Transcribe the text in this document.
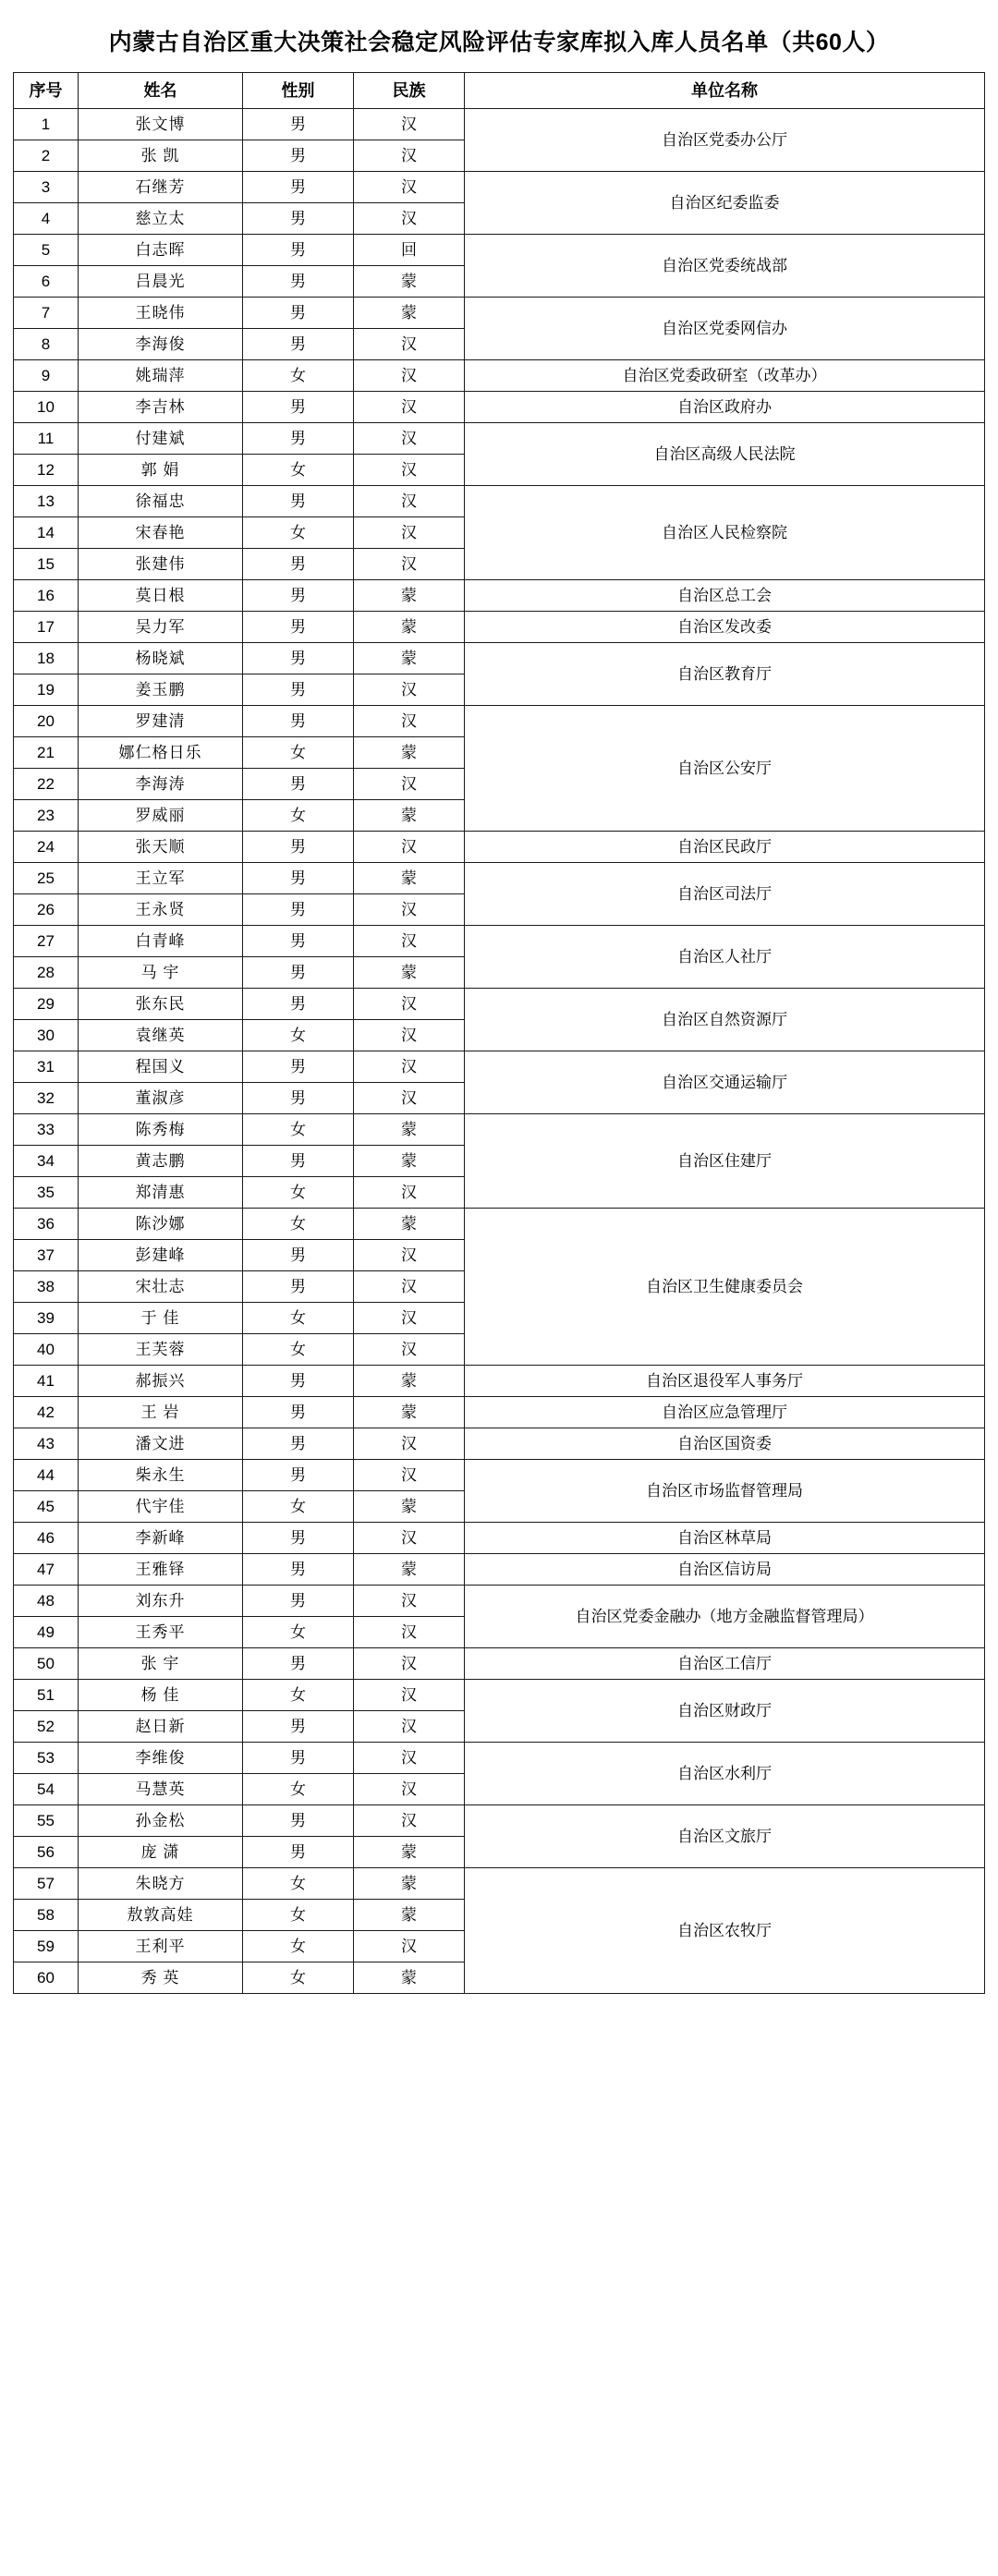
内蒙古自治区重大决策社会稳定风险评估专家库拟入库人员名单（共60人）
序号	姓名	性别	民族	单位名称
1	张文博	男	汉	自治区党委办公厅
2	张 凯	男	汉	
3	石继芳	男	汉	自治区纪委监委
4	慈立太	男	汉	
5	白志晖	男	回	自治区党委统战部
6	吕晨光	男	蒙	
7	王晓伟	男	蒙	自治区党委网信办
8	李海俊	男	汉	
9	姚瑞萍	女	汉	自治区党委政研室（改革办）
10	李吉林	男	汉	自治区政府办
11	付建斌	男	汉	自治区高级人民法院
12	郭 娟	女	汉	
13	徐福忠	男	汉	自治区人民检察院
14	宋春艳	女	汉	
15	张建伟	男	汉	
16	莫日根	男	蒙	自治区总工会
17	吴力军	男	蒙	自治区发改委
18	杨晓斌	男	蒙	自治区教育厅
19	姜玉鹏	男	汉	
20	罗建清	男	汉	自治区公安厅
21	娜仁格日乐	女	蒙	
22	李海涛	男	汉	
23	罗威丽	女	蒙	
24	张天顺	男	汉	自治区民政厅
25	王立军	男	蒙	自治区司法厅
26	王永贤	男	汉	
27	白青峰	男	汉	自治区人社厅
28	马 宇	男	蒙	
29	张东民	男	汉	自治区自然资源厅
30	袁继英	女	汉	
31	程国义	男	汉	自治区交通运输厅
32	董淑彦	男	汉	
33	陈秀梅	女	蒙	自治区住建厅
34	黄志鹏	男	蒙	
35	郑清惠	女	汉	
36	陈沙娜	女	蒙	自治区卫生健康委员会
37	彭建峰	男	汉	
38	宋壮志	男	汉	
39	于 佳	女	汉	
40	王芙蓉	女	汉	
41	郝振兴	男	蒙	自治区退役军人事务厅
42	王 岩	男	蒙	自治区应急管理厅
43	潘文进	男	汉	自治区国资委
44	柴永生	男	汉	自治区市场监督管理局
45	代宇佳	女	蒙	
46	李新峰	男	汉	自治区林草局
47	王雅铎	男	蒙	自治区信访局
48	刘东升	男	汉	自治区党委金融办（地方金融监督管理局）
49	王秀平	女	汉	
50	张 宇	男	汉	自治区工信厅
51	杨 佳	女	汉	自治区财政厅
52	赵日新	男	汉	
53	李维俊	男	汉	自治区水利厅
54	马慧英	女	汉	
55	孙金松	男	汉	自治区文旅厅
56	庞 潇	男	蒙	
57	朱晓方	女	蒙	自治区农牧厅
58	敖敦高娃	女	蒙	
59	王利平	女	汉	
60	秀 英	女	蒙	
